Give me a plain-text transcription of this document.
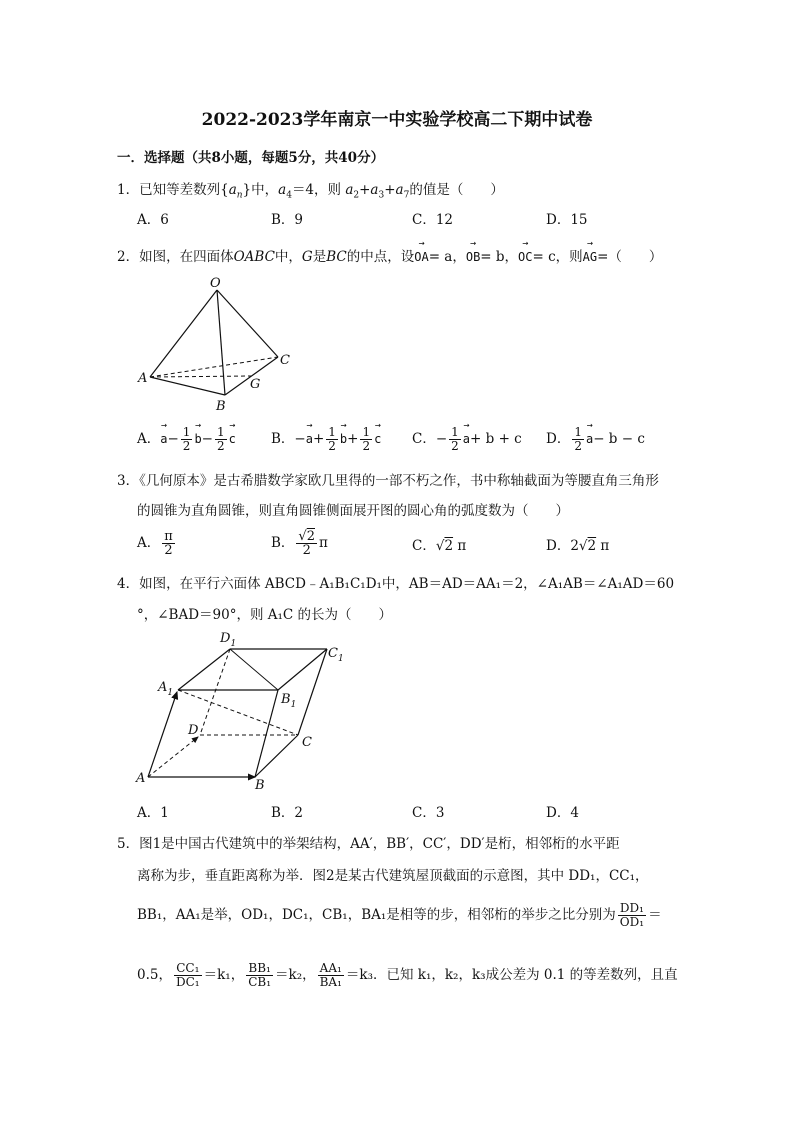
2022-2023学年南京一中实验学校高二下期中试卷
一．选择题（共8小题，每题5分，共40分）
1．已知等差数列$\{a_n\}$中，$a_4=4$，则 $a_2+a_3+a_7$的值是（　　）
A．6	B．9	C．12	D．15
2．如图，在四面体OABC中，G是BC的中点，设→ OA= a，→ OB= b，→ OC= c，则→ AG=（　　）
O
A
B
C
G
A．→ $a- \frac{1}{2} \to b- \frac{1}{2} \to c$	B．−→ $a+ \frac{1}{2} \to b+ \frac{1}{2} \to c$ C．− $\frac{1}{2} \to a+ b + c$ D． $\frac{1}{2} \to a- b - c$
3．《几何原本》是古希腊数学家欧几里得的一部不朽之作，书中称轴截面为等腰直角三角形
的圆锥为直角圆锥，则直角圆锥侧面展开图的圆心角的弧度数为（　　）
A． $\frac{\pi}{2}$	B． $\frac{√2}{2}$ π	C．√2 π	D．2√2 π
4．如图，在平行六面体 ABCD﹣A₁B₁C₁D₁中，AB＝AD＝AA₁＝2，∠A₁AB＝∠A₁AD＝60
°，∠BAD＝90°，则 A₁C 的长为（　　）
$D_1$
$C_1$
$A_1$	$B_1$
D
C
A	B
A．1	B．2	C．3	D．4
5．图1是中国古代建筑中的举架结构，AA′，BB′，CC′，DD′是桁，相邻桁的水平距
离称为步，垂直距离称为举．图2是某古代建筑屋顶截面的示意图，其中 DD₁，CC₁，
BB₁，AA₁是举，OD₁，DC₁，CB₁，BA₁是相等的步，相邻桁的举步之比分别为 $\frac{\text{DD₁}}{\text{OD₁}}$ ＝
0.5， $\frac{\text{CC₁}}{\text{DC₁}} =k_1$， $\frac{\text{BB₁}}{\text{CB₁}} =k_2$， $\frac{\text{AA₁}}{\text{BA₁}} =k_3$．已知 k₁，k₂，k₃成公差为 0.1 的等差数列，且直
